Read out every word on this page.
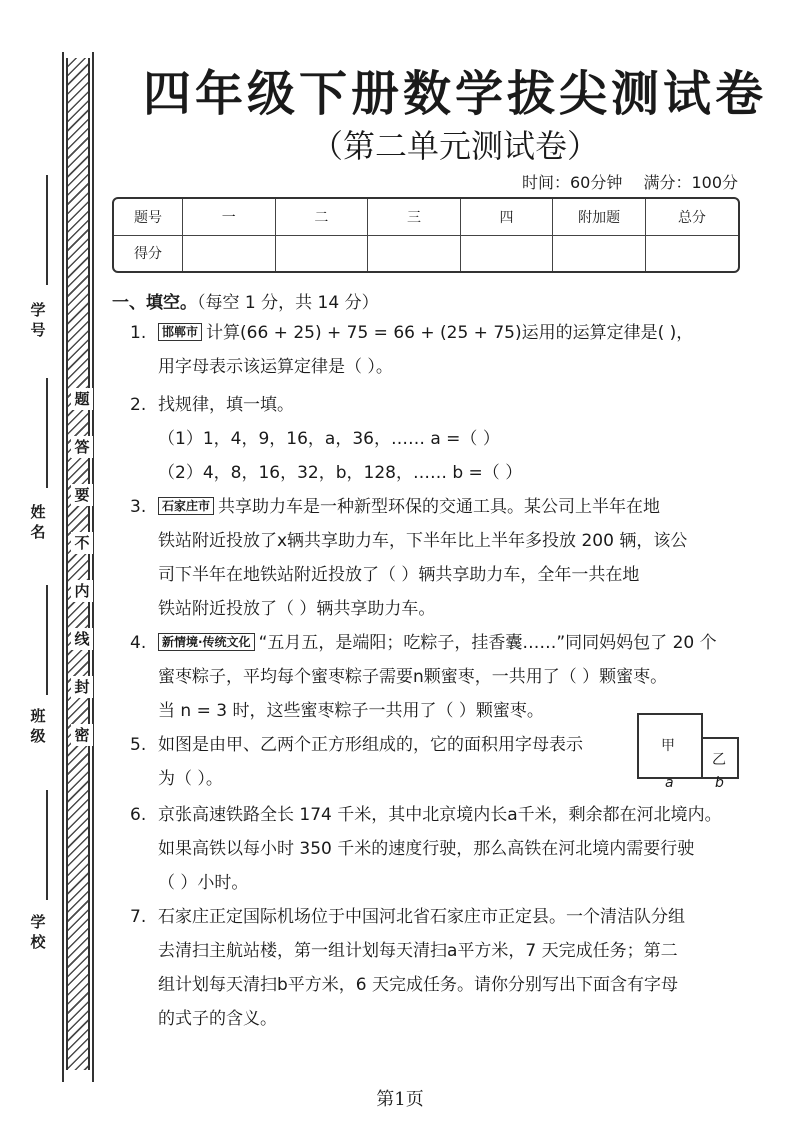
学
号
姓
名
班
级
学
校
题
答
要
不
内
线
封
密
四年级下册数学拔尖测试卷
（第二单元测试卷）
时间：60分钟 满分：100分
题号	一	二	三	四	附加题	总分
得分						
一、填空。（每空 1 分，共 14 分）
1.	邯郸市 计算(66 + 25) + 75 = 66 + (25 + 75)运用的运算定律是( )，
用字母表示该运算定律是（ ）。
2. 找规律，填一填。
（1）1，4，9，16，a，36，…… a =（ ）
（2）4，8，16，32，b，128，…… b =（ ）
3.	石家庄市 共享助力车是一种新型环保的交通工具。某公司上半年在地
铁站附近投放了x辆共享助力车，下半年比上半年多投放 200 辆，该公
司下半年在地铁站附近投放了（ ）辆共享助力车，全年一共在地
铁站附近投放了（ ）辆共享助力车。
4.	新情境·传统文化 “五月五，是端阳；吃粽子，挂香囊……”同同妈妈包了 20 个
蜜枣粽子，平均每个蜜枣粽子需要n颗蜜枣，一共用了（ ）颗蜜枣。
当 n = 3 时，这些蜜枣粽子一共用了（ ）颗蜜枣。
5. 如图是由甲、乙两个正方形组成的，它的面积用字母表示
为（ ）。
甲
乙
a	b
6. 京张高速铁路全长 174 千米，其中北京境内长a千米，剩余都在河北境内。
如果高铁以每小时 350 千米的速度行驶，那么高铁在河北境内需要行驶
（ ）小时。
7. 石家庄正定国际机场位于中国河北省石家庄市正定县。一个清洁队分组
去清扫主航站楼，第一组计划每天清扫a平方米，7 天完成任务；第二
组计划每天清扫b平方米，6 天完成任务。请你分别写出下面含有字母
的式子的含义。
第1页
